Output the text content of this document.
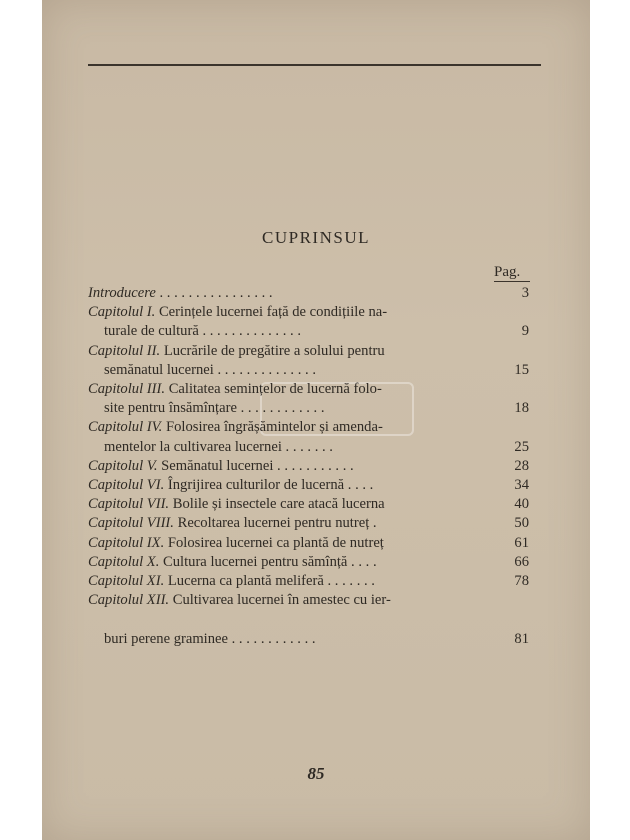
CUPRINSUL
Pag.
Introducere . . . . . . . . . . . . . . . .	3
Capitolul I. Cerințele lucernei față de condițiile na-
turale de cultură . . . . . . . . . . . . . .	9
Capitolul II. Lucrările de pregătire a solului pentru
semănatul lucernei . . . . . . . . . . . . . .	15
Capitolul III. Calitatea semințelor de lucernă folo-
site pentru însămînțare . . . . . . . . . . . .	18
Capitolul IV. Folosirea îngrășămintelor și amenda-
mentelor la cultivarea lucernei . . . . . . .	25
Capitolul V. Semănatul lucernei . . . . . . . . . . .	28
Capitolul VI. Îngrijirea culturilor de lucernă . . . .	34
Capitolul VII. Bolile și insectele care atacă lucerna	40
Capitolul VIII. Recoltarea lucernei pentru nutreț .	50
Capitolul IX. Folosirea lucernei ca plantă de nutreț	61
Capitolul X. Cultura lucernei pentru sămînță . . . .	66
Capitolul XI. Lucerna ca plantă meliferă . . . . . . .	78
Capitolul XII. Cultivarea lucernei în amestec cu ier-
buri perene graminee . . . . . . . . . . . .	81
85
